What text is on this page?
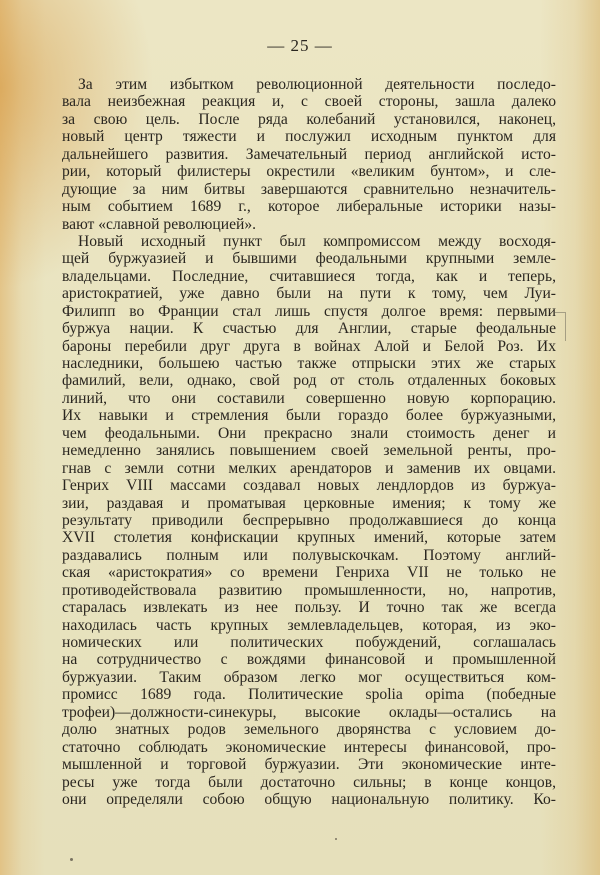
— 25 —
За этим избытком революционной деятельности последо-
вала неизбежная реакция и, с своей стороны, зашла далеко
за свою цель. После ряда колебаний установился, наконец,
новый центр тяжести и послужил исходным пунктом для
дальнейшего развития. Замечательный период английской исто-
рии, который филистеры окрестили «великим бунтом», и сле-
дующие за ним битвы завершаются сравнительно незначитель-
ным событием 1689 г., которое либеральные историки назы-
вают «славной революцией».
Новый исходный пункт был компромиссом между восходя-
щей буржуазией и бывшими феодальными крупными земле-
владельцами. Последние, считавшиеся тогда, как и теперь,
аристократией, уже давно были на пути к тому, чем Луи-
Филипп во Франции стал лишь спустя долгое время: первыми
буржуа нации. К счастью для Англии, старые феодальные
бароны перебили друг друга в войнах Алой и Белой Роз. Их
наследники, большею частью также отпрыски этих же старых
фамилий, вели, однако, свой род от столь отдаленных боковых
линий, что они составили совершенно новую корпорацию.
Их навыки и стремления были гораздо более буржуазными,
чем феодальными. Они прекрасно знали стоимость денег и
немедленно занялись повышением своей земельной ренты, про-
гнав с земли сотни мелких арендаторов и заменив их овцами.
Генрих VIII массами создавал новых лендлордов из буржуа-
зии, раздавая и проматывая церковные имения; к тому же
результату приводили беспрерывно продолжавшиеся до конца
XVII столетия конфискации крупных имений, которые затем
раздавались полным или полувыскочкам. Поэтому англий-
ская «аристократия» со времени Генриха VII не только не
противодействовала развитию промышленности, но, напротив,
старалась извлекать из нее пользу. И точно так же всегда
находилась часть крупных землевладельцев, которая, из эко-
номических или политических побуждений, соглашалась
на сотрудничество с вождями финансовой и промышленной
буржуазии. Таким образом легко мог осуществиться ком-
промисс 1689 года. Политические spolia opima (победные
трофеи)—должности-синекуры, высокие оклады—остались на
долю знатных родов земельного дворянства с условием до-
статочно соблюдать экономические интересы финансовой, про-
мышленной и торговой буржуазии. Эти экономические инте-
ресы уже тогда были достаточно сильны; в конце концов,
они определяли собою общую национальную политику. Ко-
